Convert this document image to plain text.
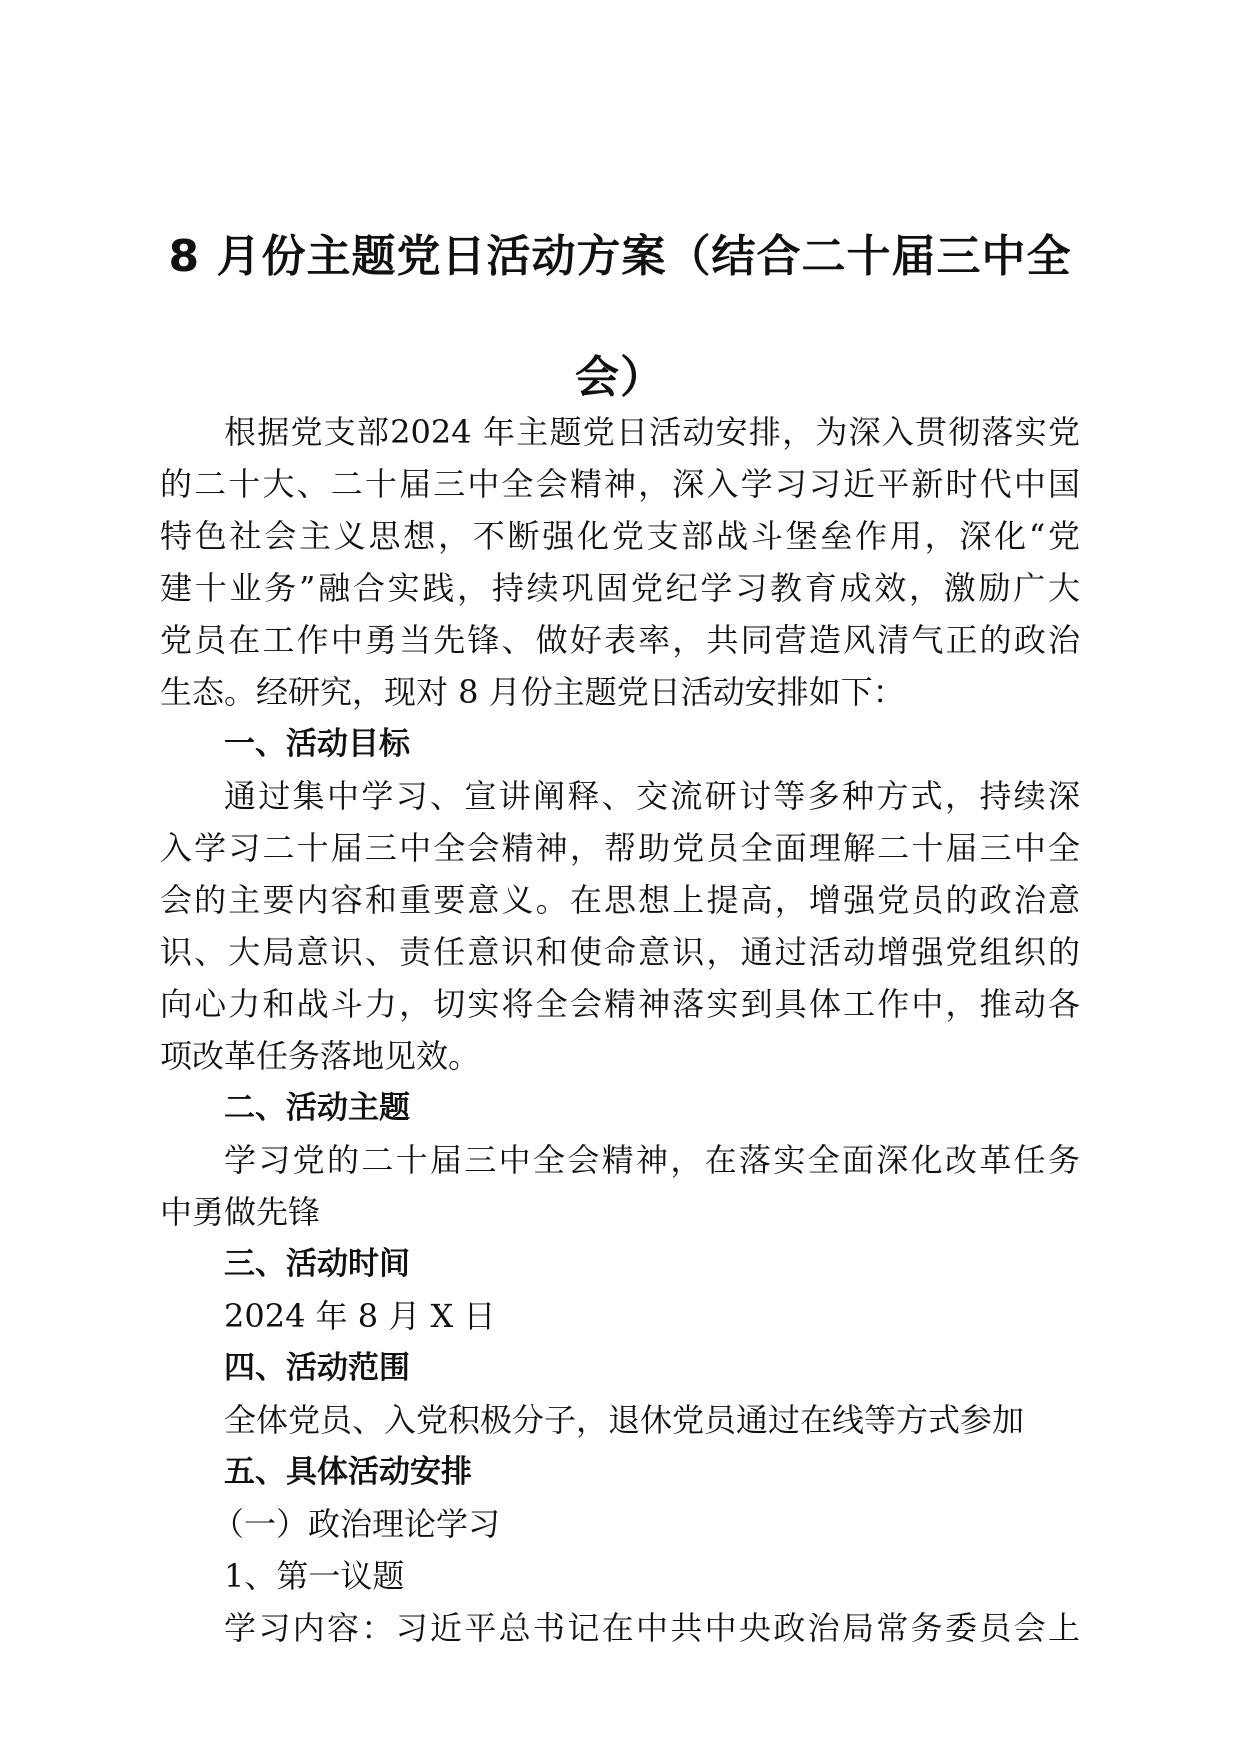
8 月份主题党日活动方案（结合二十届三中全
会）
根据党支部2024 年主题党日活动安排，为深入贯彻落实党
的二十大、二十届三中全会精神，深入学习习近平新时代中国
特色社会主义思想，不断强化党支部战斗堡垒作用，深化“党
建十业务”融合实践，持续巩固党纪学习教育成效，激励广大
党员在工作中勇当先锋、做好表率，共同营造风清气正的政治
生态。经研究，现对 8 月份主题党日活动安排如下：
一、活动目标
通过集中学习、宣讲阐释、交流研讨等多种方式，持续深
入学习二十届三中全会精神，帮助党员全面理解二十届三中全
会的主要内容和重要意义。在思想上提高，增强党员的政治意
识、大局意识、责任意识和使命意识，通过活动增强党组织的
向心力和战斗力，切实将全会精神落实到具体工作中，推动各
项改革任务落地见效。
二、活动主题
学习党的二十届三中全会精神，在落实全面深化改革任务
中勇做先锋
三、活动时间
2024 年 8 月 X 日
四、活动范围
全体党员、入党积极分子，退休党员通过在线等方式参加
五、具体活动安排
（一）政治理论学习
1、第一议题
学习内容：习近平总书记在中共中央政治局常务委员会上
